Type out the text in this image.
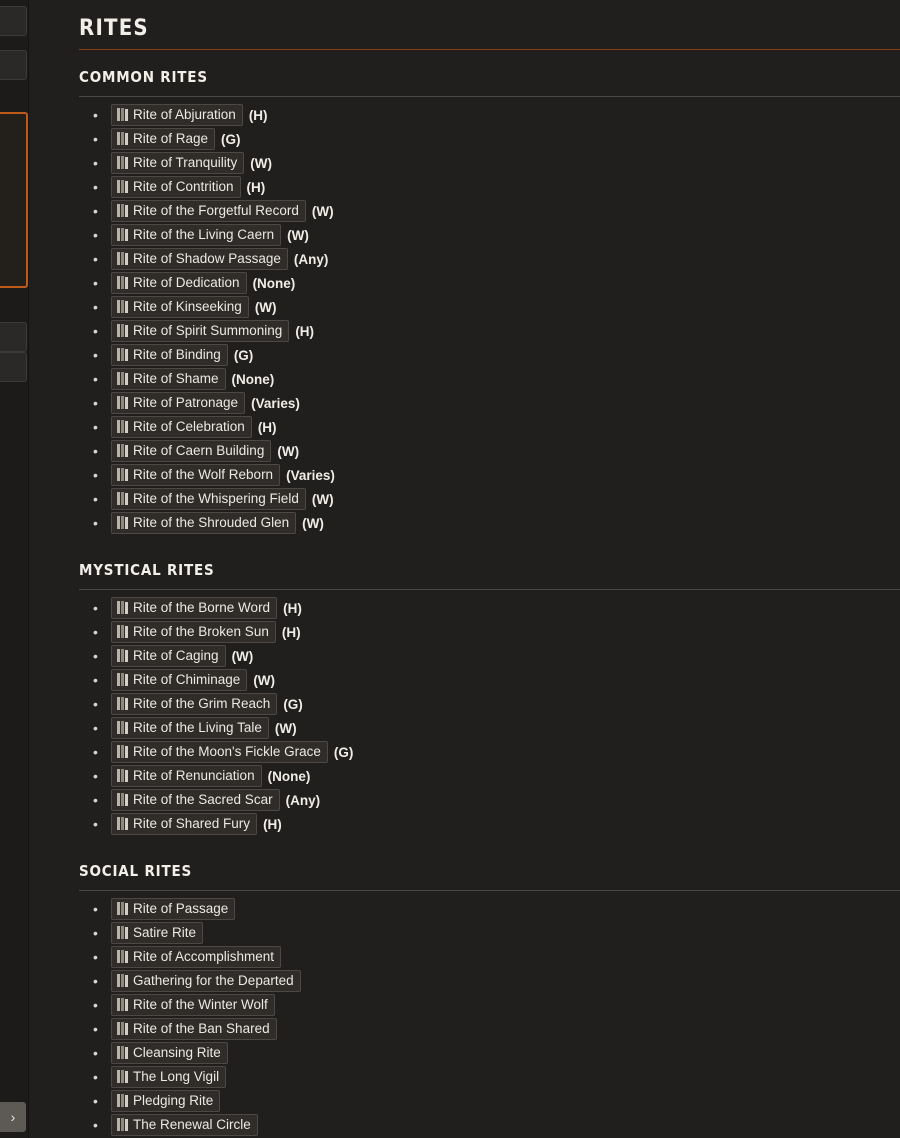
›
RITES
COMMON RITES
• Rite of Abjuration (H)
• Rite of Rage (G)
• Rite of Tranquility (W)
• Rite of Contrition (H)
• Rite of the Forgetful Record (W)
• Rite of the Living Caern (W)
• Rite of Shadow Passage (Any)
• Rite of Dedication (None)
• Rite of Kinseeking (W)
• Rite of Spirit Summoning (H)
• Rite of Binding (G)
• Rite of Shame (None)
• Rite of Patronage (Varies)
• Rite of Celebration (H)
• Rite of Caern Building (W)
• Rite of the Wolf Reborn (Varies)
• Rite of the Whispering Field (W)
• Rite of the Shrouded Glen (W)
MYSTICAL RITES
• Rite of the Borne Word (H)
• Rite of the Broken Sun (H)
• Rite of Caging (W)
• Rite of Chiminage (W)
• Rite of the Grim Reach (G)
• Rite of the Living Tale (W)
• Rite of the Moon's Fickle Grace (G)
• Rite of Renunciation (None)
• Rite of the Sacred Scar (Any)
• Rite of Shared Fury (H)
SOCIAL RITES
• Rite of Passage
• Satire Rite
• Rite of Accomplishment
• Gathering for the Departed
• Rite of the Winter Wolf
• Rite of the Ban Shared
• Cleansing Rite
• The Long Vigil
• Pledging Rite
• The Renewal Circle
